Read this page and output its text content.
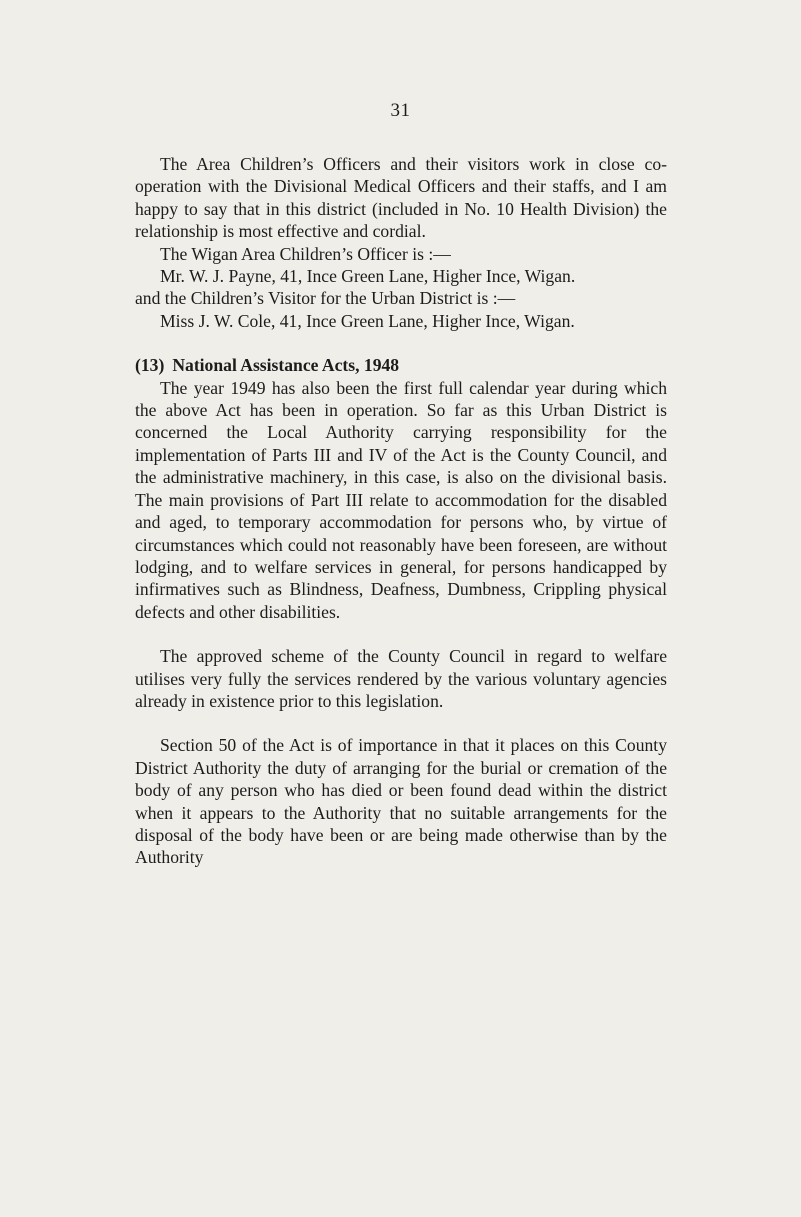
31

The Area Children’s Officers and their visitors work in close co-operation with the Divisional Medical Officers and their staffs, and I am happy to say that in this district (included in No. 10 Health Division) the relationship is most effective and cordial.

The Wigan Area Children’s Officer is :—
Mr. W. J. Payne, 41, Ince Green Lane, Higher Ince, Wigan.
and the Children’s Visitor for the Urban District is :—
Miss J. W. Cole, 41, Ince Green Lane, Higher Ince, Wigan.
(13) National Assistance Acts, 1948

The year 1949 has also been the first full calendar year during which the above Act has been in operation. So far as this Urban District is concerned the Local Authority carrying responsibility for the implementation of Parts III and IV of the Act is the County Council, and the administrative machinery, in this case, is also on the divisional basis. The main provisions of Part III relate to accommodation for the disabled and aged, to temporary accommodation for persons who, by virtue of circumstances which could not reasonably have been foreseen, are without lodging, and to welfare services in general, for persons handicapped by infirmatives such as Blindness, Deafness, Dumbness, Crippling physical defects and other disabilities.

The approved scheme of the County Council in regard to welfare utilises very fully the services rendered by the various voluntary agencies already in existence prior to this legislation.

Section 50 of the Act is of importance in that it places on this County District Authority the duty of arranging for the burial or cremation of the body of any person who has died or been found dead within the district when it appears to the Authority that no suitable arrangements for the disposal of the body have been or are being made otherwise than by the Authority
